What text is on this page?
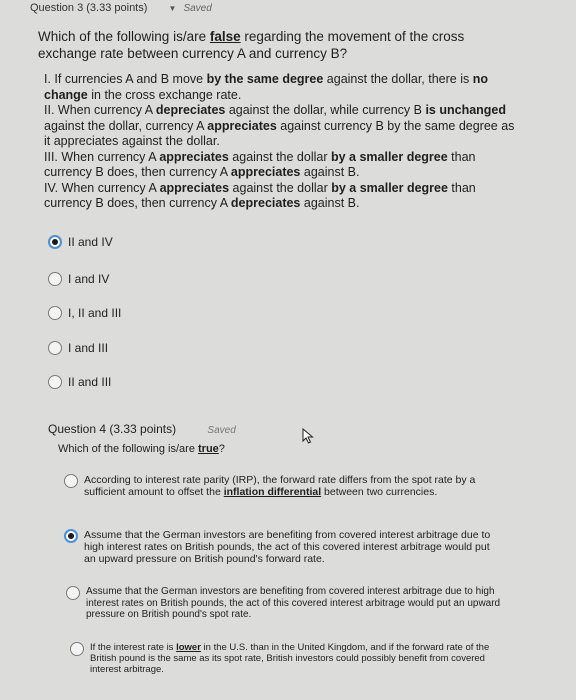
Question 3 (3.33 points)	▼ Saved
Which of the following is/are false regarding the movement of the cross exchange rate between currency A and currency B?

I. If currencies A and B move by the same degree against the dollar, there is no change in the cross exchange rate.

II. When currency A depreciates against the dollar, while currency B is unchanged against the dollar, currency A appreciates against currency B by the same degree as it appreciates against the dollar.

III. When currency A appreciates against the dollar by a smaller degree than currency B does, then currency A appreciates against B.

IV. When currency A appreciates against the dollar by a smaller degree than currency B does, then currency A depreciates against B.

II and IV
I and IV
I, II and III
I and III
II and III
Question 4 (3.33 points)	Saved
Which of the following is/are true?
According to interest rate parity (IRP), the forward rate differs from the spot rate by a sufficient amount to offset the inflation differential between two currencies.
Assume that the German investors are benefiting from covered interest arbitrage due to high interest rates on British pounds, the act of this covered interest arbitrage would put an upward pressure on British pound's forward rate.
Assume that the German investors are benefiting from covered interest arbitrage due to high interest rates on British pounds, the act of this covered interest arbitrage would put an upward pressure on British pound's spot rate.
If the interest rate is lower in the U.S. than in the United Kingdom, and if the forward rate of the British pound is the same as its spot rate, British investors could possibly benefit from covered interest arbitrage.
